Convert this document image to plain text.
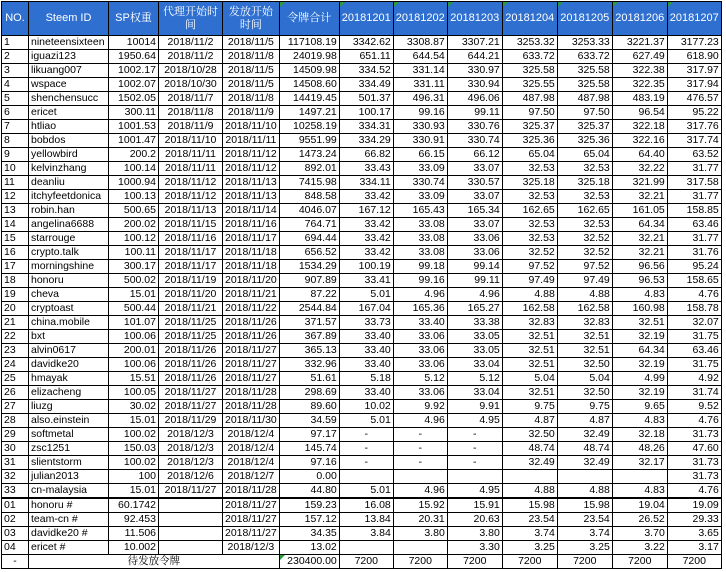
NO.	Steem ID	SP权重	代理开始时间	发放开始时间	令牌合计	20181201	20181202	20181203	20181204	20181205	20181206	20181207
1	nineteensixteen	10014	2018/11/2	2018/11/5	117108.19	3342.62	3308.87	3307.21	3253.32	3253.33	3221.37	3177.23
2	iguazi123	1950.64	2018/11/2	2018/11/8	24019.98	651.11	644.54	644.21	633.72	633.72	627.49	618.90
3	likuang007	1002.17	2018/10/28	2018/11/5	14509.98	334.52	331.14	330.97	325.58	325.58	322.38	317.97
4	wspace	1002.07	2018/10/30	2018/11/5	14508.60	334.49	331.11	330.94	325.55	325.58	322.35	317.94
5	shenchensucc	1502.05	2018/11/7	2018/11/8	14419.45	501.37	496.31	496.06	487.98	487.98	483.19	476.57
6	ericet	300.11	2018/11/8	2018/11/9	1497.21	100.17	99.16	99.11	97.50	97.50	96.54	95.22
7	htliao	1001.53	2018/11/9	2018/11/10	10258.19	334.31	330.93	330.76	325.37	325.37	322.18	317.76
8	bobdos	1001.47	2018/11/10	2018/11/11	9551.99	334.29	330.91	330.74	325.36	325.36	322.16	317.74
9	yellowbird	200.2	2018/11/11	2018/11/12	1473.24	66.82	66.15	66.12	65.04	65.04	64.40	63.52
10	kelvinzhang	100.14	2018/11/11	2018/11/12	892.01	33.43	33.09	33.07	32.53	32.53	32.22	31.77
11	deanliu	1000.94	2018/11/12	2018/11/13	7415.98	334.11	330.74	330.57	325.18	325.18	321.99	317.58
12	itchyfeetdonica	100.13	2018/11/12	2018/11/13	848.58	33.42	33.09	33.07	32.53	32.53	32.21	31.77
13	robin.han	500.65	2018/11/13	2018/11/14	4046.07	167.12	165.43	165.34	162.65	162.65	161.05	158.85
14	angelina6688	200.02	2018/11/15	2018/11/16	764.71	33.42	33.08	33.07	32.53	32.53	64.34	63.46
15	starrouge	100.12	2018/11/16	2018/11/17	694.44	33.42	33.08	33.06	32.53	32.52	32.21	31.77
16	crypto.talk	100.11	2018/11/17	2018/11/18	656.52	33.42	33.08	33.06	32.52	32.52	32.21	31.76
17	morningshine	300.17	2018/11/17	2018/11/18	1534.29	100.19	99.18	99.14	97.52	97.52	96.56	95.24
18	honoru	500.02	2018/11/19	2018/11/20	907.89	33.41	99.16	99.11	97.49	97.49	96.53	158.65
19	cheva	15.01	2018/11/20	2018/11/21	87.22	5.01	4.96	4.96	4.88	4.88	4.83	4.76
20	cryptoast	500.44	2018/11/21	2018/11/22	2544.84	167.04	165.36	165.27	162.58	162.58	160.98	158.78
21	china.mobile	101.07	2018/11/25	2018/11/26	371.57	33.73	33.40	33.38	32.83	32.83	32.51	32.07
22	bxt	100.06	2018/11/25	2018/11/26	367.89	33.40	33.06	33.05	32.51	32.51	32.19	31.75
23	alvin0617	200.01	2018/11/26	2018/11/27	365.13	33.40	33.06	33.05	32.51	32.51	64.34	63.46
24	davidke20	100.06	2018/11/26	2018/11/27	332.96	33.40	33.06	33.04	32.51	32.50	32.19	31.75
25	hmayak	15.51	2018/11/26	2018/11/27	51.61	5.18	5.12	5.12	5.04	5.04	4.99	4.92
26	elizacheng	100.05	2018/11/27	2018/11/28	298.69	33.40	33.06	33.04	32.51	32.50	32.19	31.74
27	liuzg	30.02	2018/11/27	2018/11/28	89.60	10.02	9.92	9.91	9.75	9.75	9.65	9.52
28	also.einstein	15.01	2018/11/29	2018/11/30	34.59	5.01	4.96	4.95	4.87	4.87	4.83	4.76
29	softmetal	100.02	2018/12/3	2018/12/4	97.17	-	-	-	32.50	32.49	32.18	31.73
30	zsc1251	150.03	2018/12/3	2018/12/4	145.74	-	-	-	48.74	48.74	48.26	47.60
31	slientstorm	100.02	2018/12/3	2018/12/4	97.16	-	-	-	32.49	32.49	32.17	31.73
32	julian2013	100	2018/12/6	2018/12/7	0.00							31.73
33	cn-malaysia	15.01	2018/11/27	2018/11/28	44.80	5.01	4.96	4.95	4.88	4.88	4.83	4.76
01	honoru #	60.1742		2018/11/27	159.23	16.08	15.92	15.91	15.98	15.98	19.04	19.09
02	team-cn #	92.453		2018/11/27	157.12	13.84	20.31	20.63	23.54	23.54	26.52	29.33
03	davidke20 #	11.506		2018/11/27	34.35	3.84	3.80	3.80	3.74	3.74	3.70	3.65
04	ericet #	10.002		2018/12/3	13.02			3.30	3.25	3.25	3.22	3.17
-	待发放令牌				230400.00	7200	7200	7200	7200	7200	7200	7200
